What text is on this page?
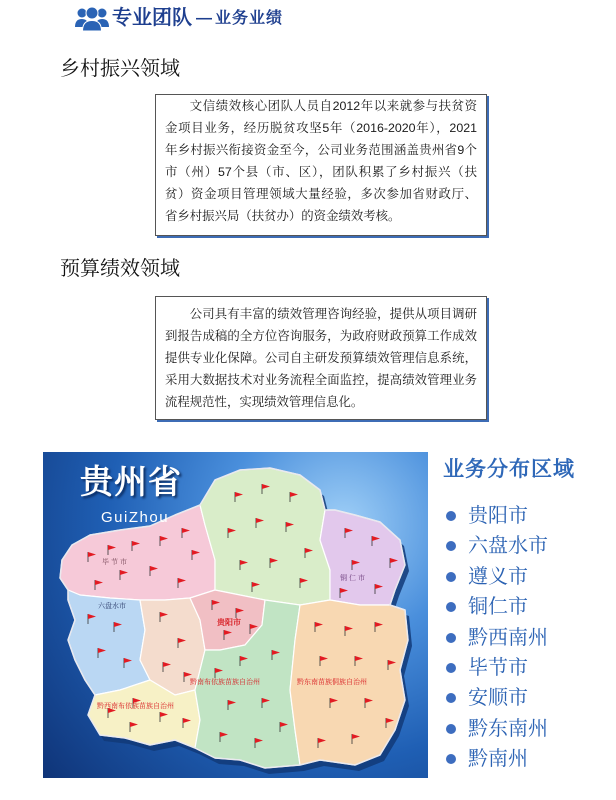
专业团队 — 业务业绩
乡村振兴领域
文信绩效核心团队人员自2012年以来就参与扶贫资
金项目业务，经历脱贫攻坚5年（2016-2020年），2021
年乡村振兴衔接资金至今，公司业务范围涵盖贵州省9个
市（州）57个县（市、区），团队积累了乡村振兴（扶
贫）资金项目管理领域大量经验，多次参加省财政厅、
省乡村振兴局（扶贫办）的资金绩效考核。
预算绩效领域
公司具有丰富的绩效管理咨询经验，提供从项目调研
到报告成稿的全方位咨询服务，为政府财政预算工作成效
提供专业化保障。公司自主研发预算绩效管理信息系统，
采用大数据技术对业务流程全面监控，提高绩效管理业务
流程规范性，实现绩效管理信息化。
毕节市
六盘水市
贵阳市
铜仁市
黔南布依族苗族自治州	黔东南苗族侗族自治州
黔西南布依族苗族自治州
贵州省
GuiZhou
业务分布区域
贵阳市
六盘水市
遵义市
铜仁市
黔西南州
毕节市
安顺市
黔东南州
黔南州
